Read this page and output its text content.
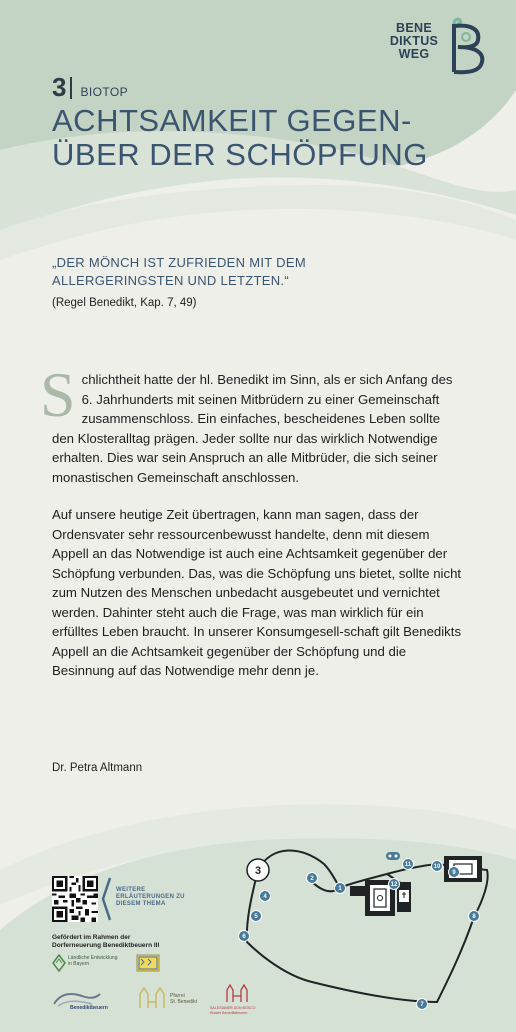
BENE
DIKTUS
WEG
3 BIOTOP
ACHTSAMKEIT GEGEN-
ÜBER DER SCHÖPFUNG
„DER MÖNCH IST ZUFRIEDEN MIT DEM ALLERGERINGSTEN UND LETZTEN.“
(Regel Benedikt, Kap. 7, 49)

Schlichtheit hatte der hl. Benedikt im Sinn, als er sich Anfang des 6. Jahrhunderts mit seinen Mitbrüdern zu einer Gemeinschaft zusammenschloss. Ein einfaches, bescheidenes Leben sollte den Klosteralltag prägen. Jeder sollte nur das wirklich Notwendige erhalten. Dies war sein Anspruch an alle Mitbrüder, die sich seiner monastischen Gemeinschaft anschlossen.

Auf unsere heutige Zeit übertragen, kann man sagen, dass der Ordensvater sehr ressourcenbewusst handelte, denn mit diesem Appell an das Notwendige ist auch eine Achtsamkeit gegenüber der Schöpfung verbunden. Das, was die Schöpfung uns bietet, sollte nicht zum Nutzen des Menschen unbedacht ausgebeutet und vernichtet werden. Dahinter steht auch die Frage, was man wirklich für ein erfülltes Leben braucht. In unserer Konsumgesell-schaft gilt Benedikts Appell an die Achtsamkeit gegenüber der Schöpfung und die Besinnung auf das Notwendige mehr denn je.

Dr. Petra Altmann
WEITERE ERLÄUTERUNGEN ZU DIESEM THEMA
Gefördert im Rahmen der
Dorferneuerung Benediktbeuern III
Ländliche Entwicklung
in Bayern
Benediktbeuern
Pfarrei
St. Benedikt
SALESIANER DON BOSCO
Kloster Benediktbeuern
3
1
2
4
5
6
7
8
9
10
11
12
